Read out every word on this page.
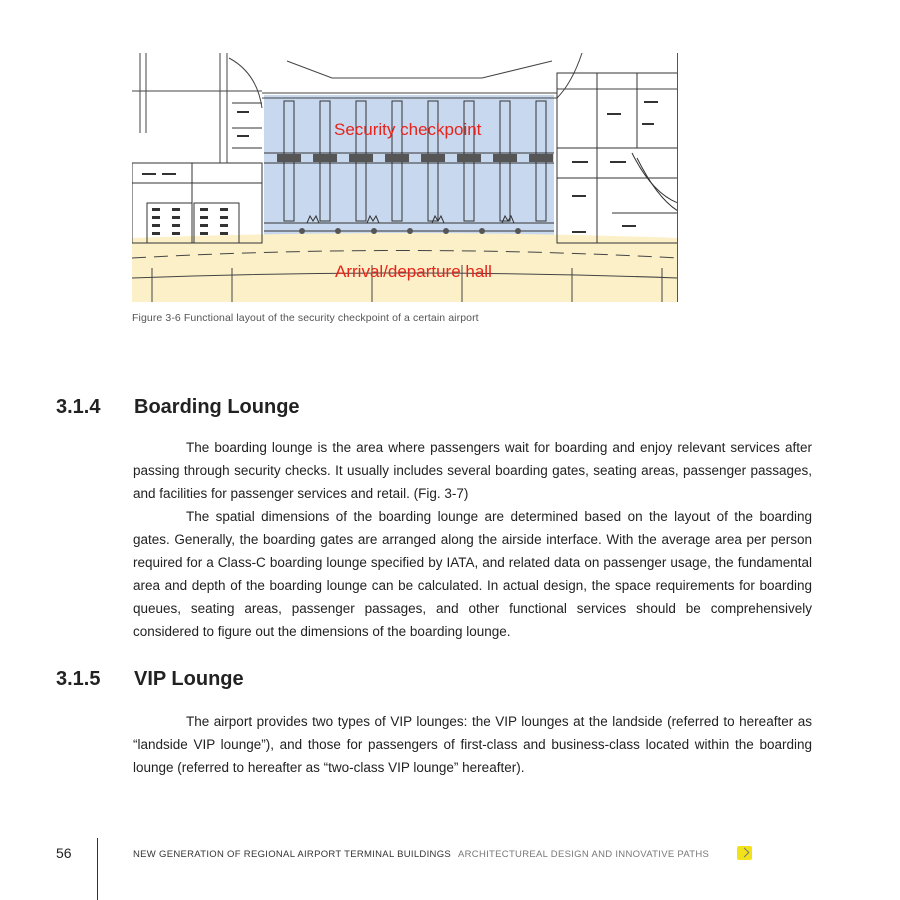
Security checkpoint
Arrival/departure hall
Figure 3-6 Functional layout of the security checkpoint of a certain airport
3.1.4 Boarding Lounge

The boarding lounge is the area where passengers wait for boarding and enjoy relevant services after passing through security checks. It usually includes several boarding gates, seating areas, passenger passages, and facilities for passenger services and retail. (Fig. 3-7)

The spatial dimensions of the boarding lounge are determined based on the layout of the boarding gates. Generally, the boarding gates are arranged along the airside interface. With the average area per person required for a Class-C boarding lounge specified by IATA, and related data on passenger usage, the fundamental area and depth of the boarding lounge can be calculated. In actual design, the space requirements for boarding queues, seating areas, passenger passages, and other functional services should be comprehensively considered to figure out the dimensions of the boarding lounge.

3.1.5 VIP Lounge

The airport provides two types of VIP lounges: the VIP lounges at the landside (referred to hereafter as “landside VIP lounge”), and those for passengers of first-class and business-class located within the boarding lounge (referred to hereafter as “two-class VIP lounge” hereafter).

56	NEW GENERATION OF REGIONAL AIRPORT TERMINAL BUILDINGS ARCHITECTUREAL DESIGN AND INNOVATIVE PATHS
